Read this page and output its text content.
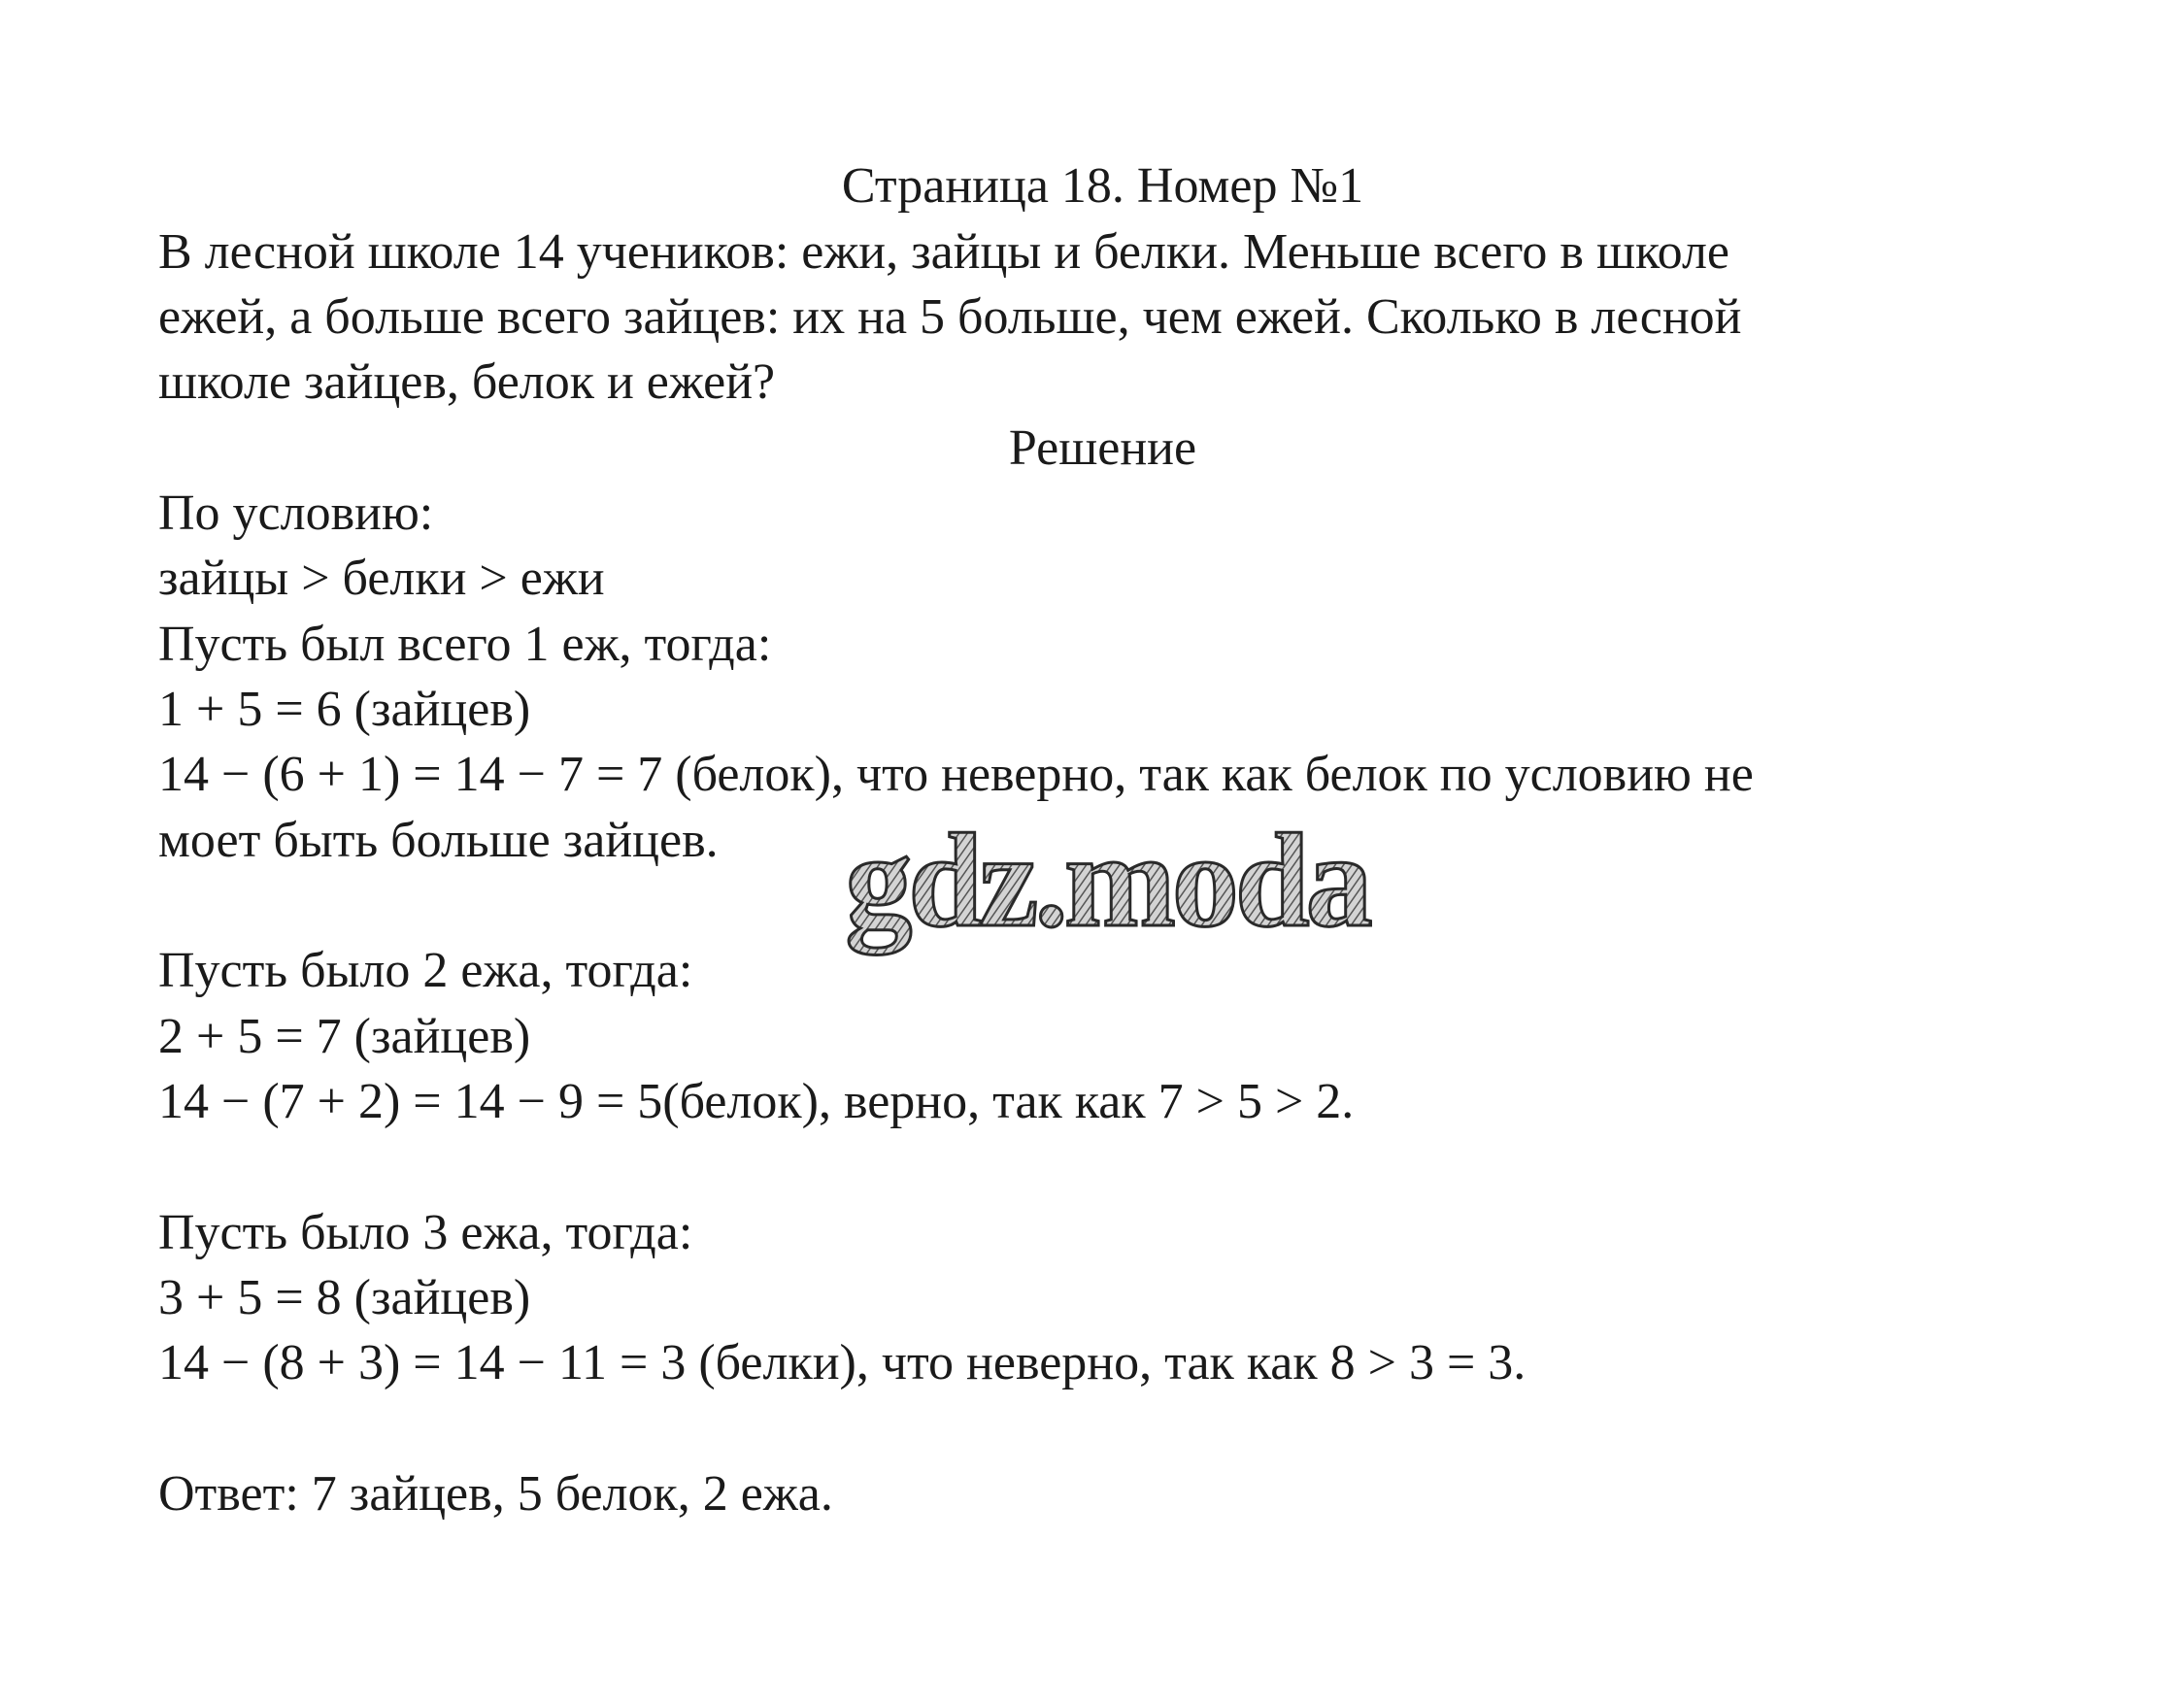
Страница 18. Номер №1
В лесной школе 14 учеников: ежи, зайцы и белки. Меньше всего в школе
ежей, а больше всего зайцев: их на 5 больше, чем ежей. Сколько в лесной
школе зайцев, белок и ежей?
Решение
По условию:
зайцы > белки > ежи
Пусть был всего 1 еж, тогда:
1 + 5 = 6 (зайцев)
14 − (6 + 1) = 14 − 7 = 7 (белок), что неверно, так как белок по условию не
моет быть больше зайцев.
Пусть было 2 ежа, тогда:
2 + 5 = 7 (зайцев)
14 − (7 + 2) = 14 − 9 = 5(белок), верно, так как 7 > 5 > 2.
Пусть было 3 ежа, тогда:
3 + 5 = 8 (зайцев)
14 − (8 + 3) = 14 − 11 = 3 (белки), что неверно, так как 8 > 3 = 3.
Ответ: 7 зайцев, 5 белок, 2 ежа.
gdz.moda
